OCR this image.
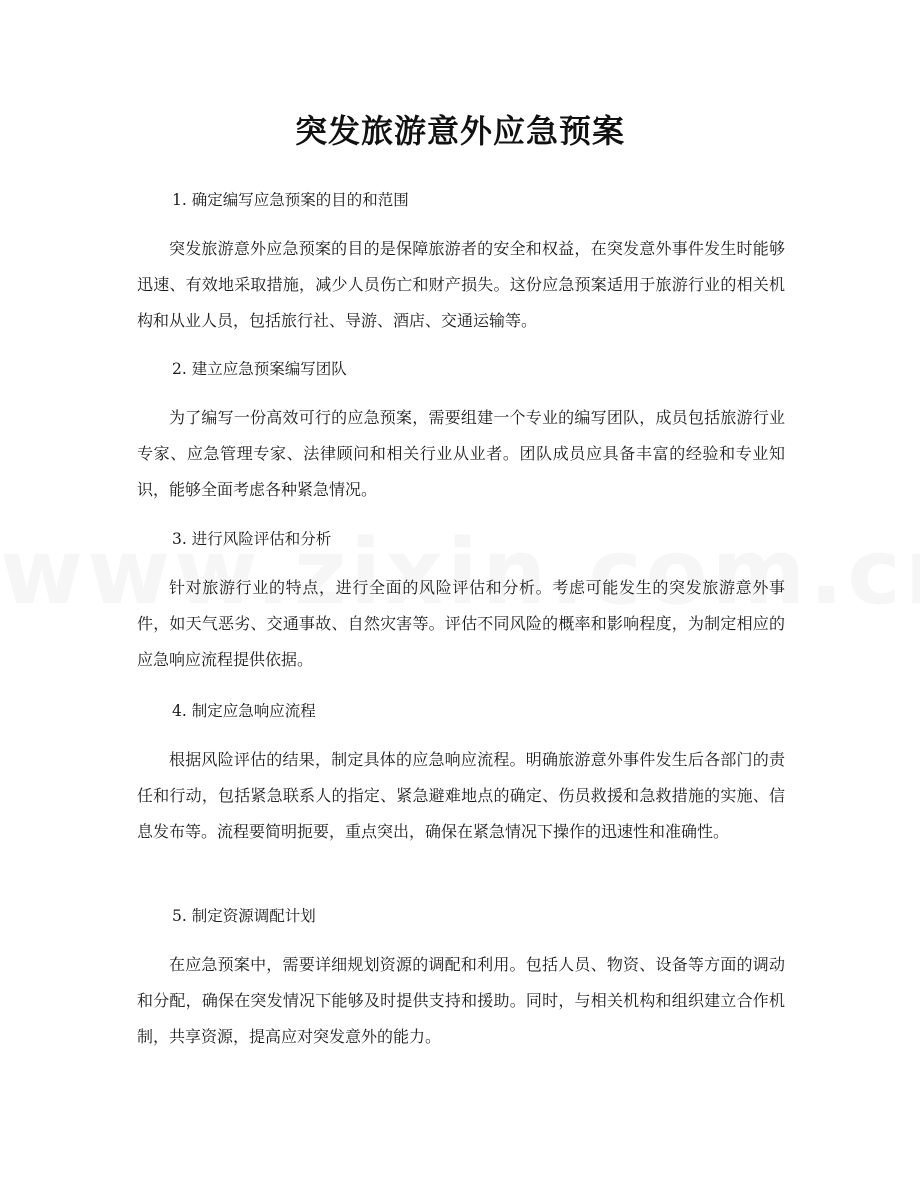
突发旅游意外应急预案

1. 确定编写应急预案的目的和范围

突发旅游意外应急预案的目的是保障旅游者的安全和权益，在突发意外事件发生时能够迅速、有效地采取措施，减少人员伤亡和财产损失。这份应急预案适用于旅游行业的相关机构和从业人员，包括旅行社、导游、酒店、交通运输等。

2. 建立应急预案编写团队

为了编写一份高效可行的应急预案，需要组建一个专业的编写团队，成员包括旅游行业专家、应急管理专家、法律顾问和相关行业从业者。团队成员应具备丰富的经验和专业知识，能够全面考虑各种紧急情况。

3. 进行风险评估和分析

针对旅游行业的特点，进行全面的风险评估和分析。考虑可能发生的突发旅游意外事件，如天气恶劣、交通事故、自然灾害等。评估不同风险的概率和影响程度，为制定相应的应急响应流程提供依据。

4. 制定应急响应流程

根据风险评估的结果，制定具体的应急响应流程。明确旅游意外事件发生后各部门的责任和行动，包括紧急联系人的指定、紧急避难地点的确定、伤员救援和急救措施的实施、信息发布等。流程要简明扼要，重点突出，确保在紧急情况下操作的迅速性和准确性。

5. 制定资源调配计划

在应急预案中，需要详细规划资源的调配和利用。包括人员、物资、设备等方面的调动和分配，确保在突发情况下能够及时提供支持和援助。同时，与相关机构和组织建立合作机制，共享资源，提高应对突发意外的能力。
